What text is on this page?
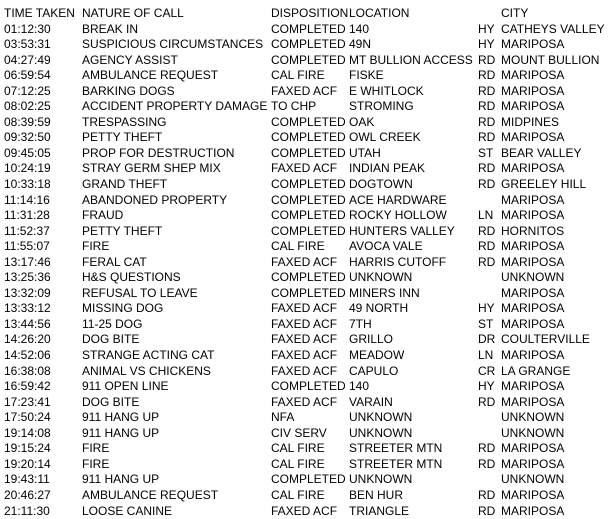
TIME TAKEN NATURE OF CALL	DISPOSITION LOCATION	CITY
01:12:30	BREAK IN	COMPLETED 140	HY CATHEYS VALLEY
03:53:31	SUSPICIOUS CIRCUMSTANCES COMPLETED 49N	HY MARIPOSA
04:27:49	AGENCY ASSIST	COMPLETED MT BULLION ACCESS RD MOUNT BULLION
06:59:54	AMBULANCE REQUEST	CAL FIRE	FISKE	RD MARIPOSA
07:12:25	BARKING DOGS	FAXED ACF E WHITLOCK	RD MARIPOSA
08:02:25	ACCIDENT PROPERTY DAMAGE TO CHP	STROMING	RD MARIPOSA
08:39:59	TRESPASSING	COMPLETED OAK	RD MIDPINES
09:32:50	PETTY THEFT	COMPLETED OWL CREEK	RD MARIPOSA
09:45:05	PROP FOR DESTRUCTION	COMPLETED UTAH	ST BEAR VALLEY
10:24:19	STRAY GERM SHEP MIX	FAXED ACF INDIAN PEAK	RD MARIPOSA
10:33:18	GRAND THEFT	COMPLETED DOGTOWN	RD GREELEY HILL
11:14:16	ABANDONED PROPERTY	COMPLETED ACE HARDWARE	MARIPOSA
11:31:28	FRAUD	COMPLETED ROCKY HOLLOW	LN MARIPOSA
11:52:37	PETTY THEFT	COMPLETED HUNTERS VALLEY	RD HORNITOS
11:55:07	FIRE	CAL FIRE	AVOCA VALE	RD MARIPOSA
13:17:46	FERAL CAT	FAXED ACF HARRIS CUTOFF	RD MARIPOSA
13:25:36	H&S QUESTIONS	COMPLETED UNKNOWN	UNKNOWN
13:32:09	REFUSAL TO LEAVE	COMPLETED MINERS INN	MARIPOSA
13:33:12	MISSING DOG	FAXED ACF 49 NORTH	HY MARIPOSA
13:44:56	11-25 DOG	FAXED ACF 7TH	ST MARIPOSA
14:26:20	DOG BITE	FAXED ACF GRILLO	DR COULTERVILLE
14:52:06	STRANGE ACTING CAT	FAXED ACF MEADOW	LN MARIPOSA
16:38:08	ANIMAL VS CHICKENS	FAXED ACF CAPULO	CR LA GRANGE
16:59:42	911 OPEN LINE	COMPLETED 140	HY MARIPOSA
17:23:41	DOG BITE	FAXED ACF VARAIN	RD MARIPOSA
17:50:24	911 HANG UP	NFA	UNKNOWN	UNKNOWN
19:14:08	911 HANG UP	CIV SERV	UNKNOWN	UNKNOWN
19:15:24	FIRE	CAL FIRE	STREETER MTN	RD MARIPOSA
19:20:14	FIRE	CAL FIRE	STREETER MTN	RD MARIPOSA
19:43:11	911 HANG UP	COMPLETED UNKNOWN	UNKNOWN
20:46:27	AMBULANCE REQUEST	CAL FIRE	BEN HUR	RD MARIPOSA
21:11:30	LOOSE CANINE	FAXED ACF TRIANGLE	RD MARIPOSA
